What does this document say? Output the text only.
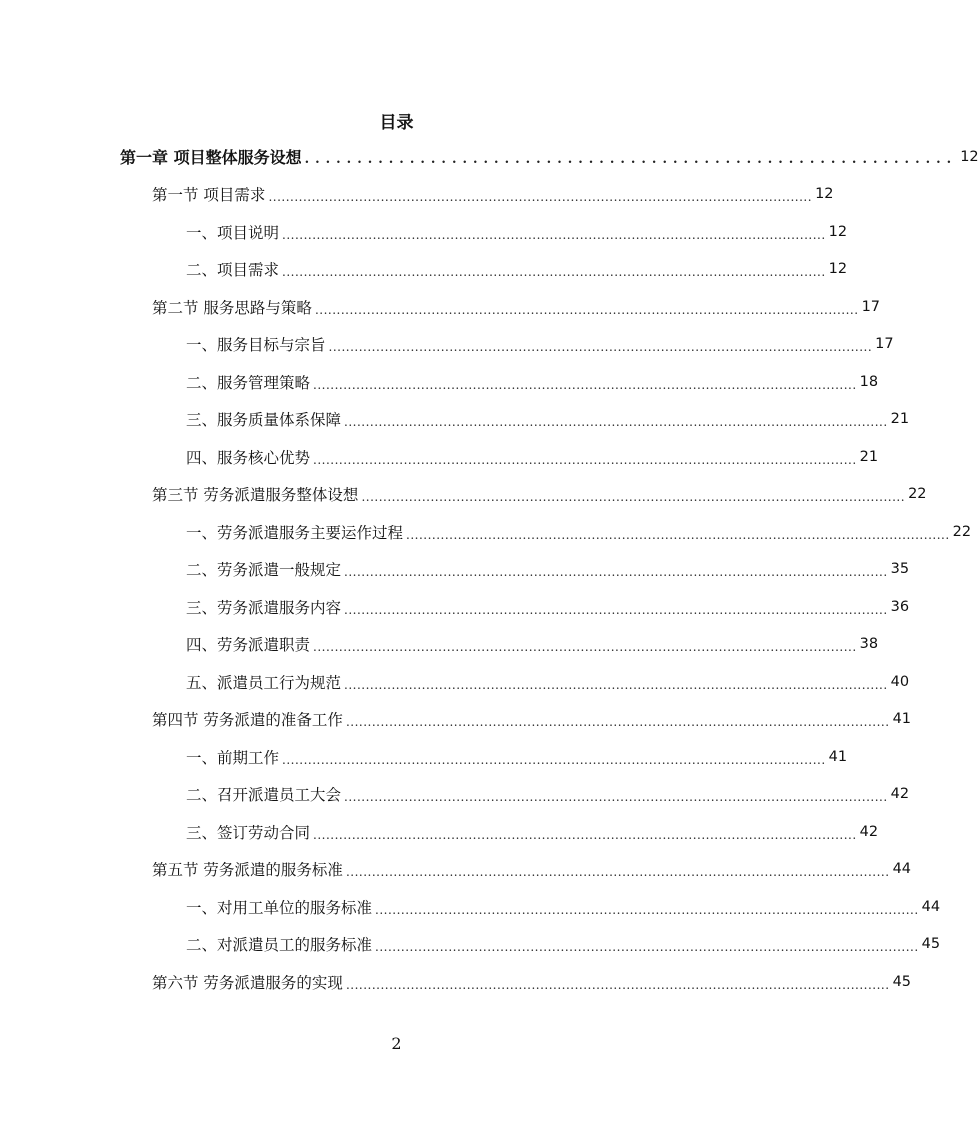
目录
第一章 项目整体服务设想 .............................................................. 12
第一节 项目需求 .............................................................................................................................. 12
一、项目说明 .............................................................................................................................. 12
二、项目需求 .............................................................................................................................. 12
第二节 服务思路与策略 .............................................................................................................................. 17
一、服务目标与宗旨 .............................................................................................................................. 17
二、服务管理策略 .............................................................................................................................. 18
三、服务质量体系保障 .............................................................................................................................. 21
四、服务核心优势 .............................................................................................................................. 21
第三节 劳务派遣服务整体设想 .............................................................................................................................. 22
一、劳务派遣服务主要运作过程 .............................................................................................................................. 22
二、劳务派遣一般规定 .............................................................................................................................. 35
三、劳务派遣服务内容 .............................................................................................................................. 36
四、劳务派遣职责 .............................................................................................................................. 38
五、派遣员工行为规范 .............................................................................................................................. 40
第四节 劳务派遣的准备工作 .............................................................................................................................. 41
一、前期工作 .............................................................................................................................. 41
二、召开派遣员工大会 .............................................................................................................................. 42
三、签订劳动合同 .............................................................................................................................. 42
第五节 劳务派遣的服务标准 .............................................................................................................................. 44
一、对用工单位的服务标准 .............................................................................................................................. 44
二、对派遣员工的服务标准 .............................................................................................................................. 45
第六节 劳务派遣服务的实现 .............................................................................................................................. 45
2
